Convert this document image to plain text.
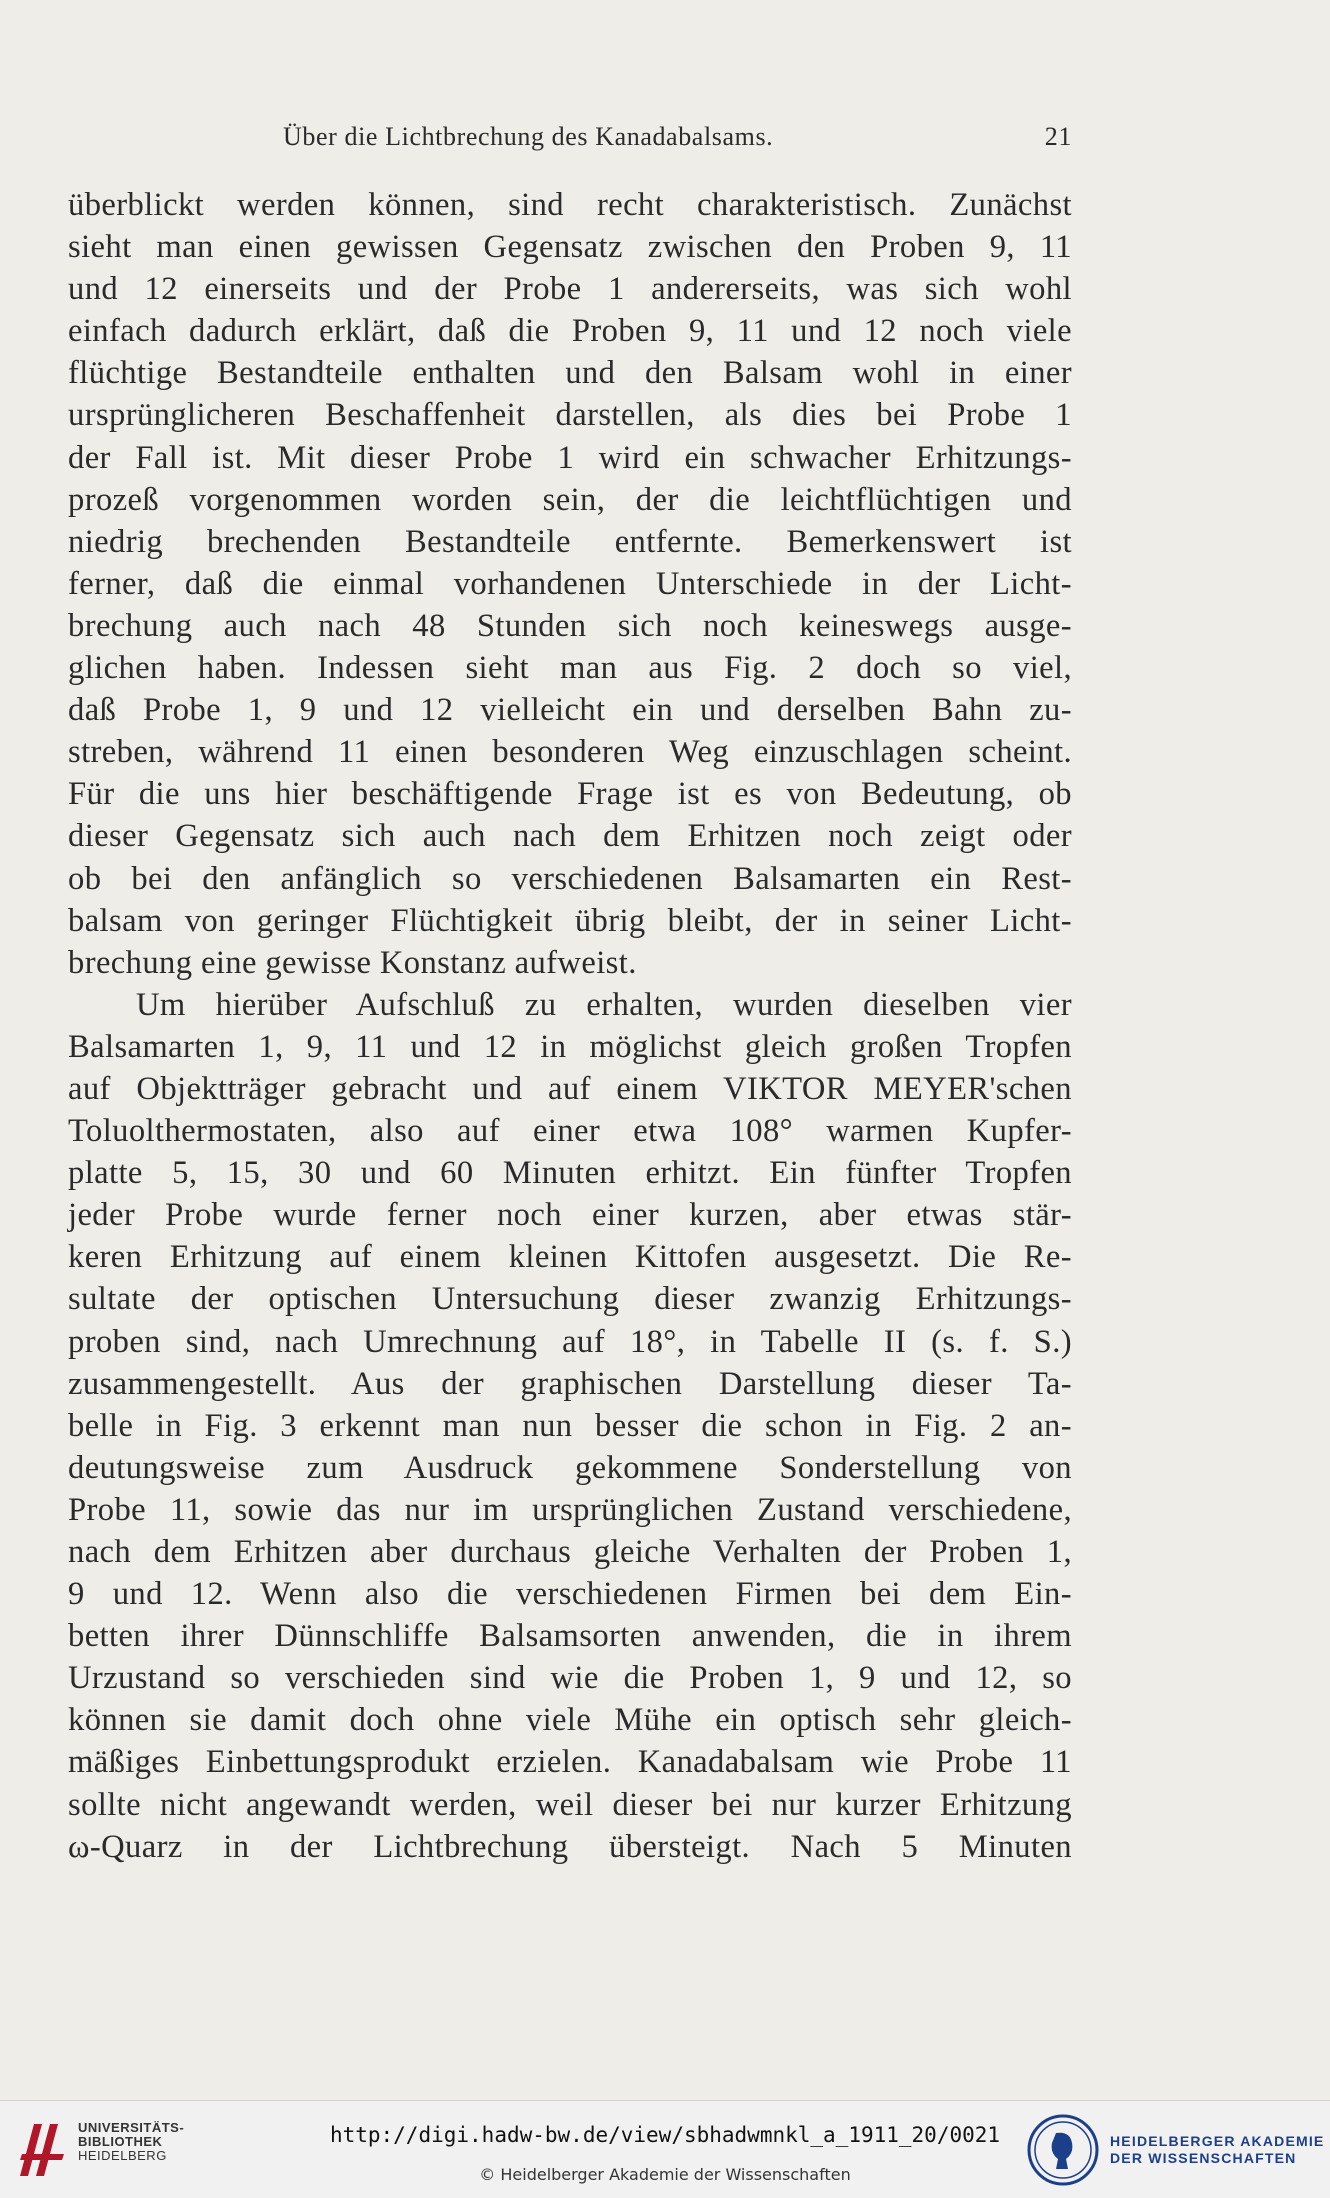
Über die Lichtbrechung des Kanadabalsams.	21
überblickt werden können, sind recht charakteristisch. Zunächst
sieht man einen gewissen Gegensatz zwischen den Proben 9, 11
und 12 einerseits und der Probe 1 andererseits, was sich wohl
einfach dadurch erklärt, daß die Proben 9, 11 und 12 noch viele
flüchtige Bestandteile enthalten und den Balsam wohl in einer
ursprünglicheren Beschaffenheit darstellen, als dies bei Probe 1
der Fall ist. Mit dieser Probe 1 wird ein schwacher Erhitzungs-
prozeß vorgenommen worden sein, der die leichtflüchtigen und
niedrig brechenden Bestandteile entfernte. Bemerkenswert ist
ferner, daß die einmal vorhandenen Unterschiede in der Licht-
brechung auch nach 48 Stunden sich noch keineswegs ausge-
glichen haben. Indessen sieht man aus Fig. 2 doch so viel,
daß Probe 1, 9 und 12 vielleicht ein und derselben Bahn zu-
streben, während 11 einen besonderen Weg einzuschlagen scheint.
Für die uns hier beschäftigende Frage ist es von Bedeutung, ob
dieser Gegensatz sich auch nach dem Erhitzen noch zeigt oder
ob bei den anfänglich so verschiedenen Balsamarten ein Rest-
balsam von geringer Flüchtigkeit übrig bleibt, der in seiner Licht-
brechung eine gewisse Konstanz aufweist.
Um hierüber Aufschluß zu erhalten, wurden dieselben vier
Balsamarten 1, 9, 11 und 12 in möglichst gleich großen Tropfen
auf Objektträger gebracht und auf einem VIKTOR MEYER'schen
Toluolthermostaten, also auf einer etwa 108° warmen Kupfer-
platte 5, 15, 30 und 60 Minuten erhitzt. Ein fünfter Tropfen
jeder Probe wurde ferner noch einer kurzen, aber etwas stär-
keren Erhitzung auf einem kleinen Kittofen ausgesetzt. Die Re-
sultate der optischen Untersuchung dieser zwanzig Erhitzungs-
proben sind, nach Umrechnung auf 18°, in Tabelle II (s. f. S.)
zusammengestellt. Aus der graphischen Darstellung dieser Ta-
belle in Fig. 3 erkennt man nun besser die schon in Fig. 2 an-
deutungsweise zum Ausdruck gekommene Sonderstellung von
Probe 11, sowie das nur im ursprünglichen Zustand verschiedene,
nach dem Erhitzen aber durchaus gleiche Verhalten der Proben 1,
9 und 12. Wenn also die verschiedenen Firmen bei dem Ein-
betten ihrer Dünnschliffe Balsamsorten anwenden, die in ihrem
Urzustand so verschieden sind wie die Proben 1, 9 und 12, so
können sie damit doch ohne viele Mühe ein optisch sehr gleich-
mäßiges Einbettungsprodukt erzielen. Kanadabalsam wie Probe 11
sollte nicht angewandt werden, weil dieser bei nur kurzer Erhitzung
ω-Quarz in der Lichtbrechung übersteigt. Nach 5 Minuten
UNIVERSITÄTS-
BIBLIOTHEK
HEIDELBERG
http://digi.hadw-bw.de/view/sbhadwmnkl_a_1911_20/0021
© Heidelberger Akademie der Wissenschaften
HEIDELBERGER AKADEMIE
DER WISSENSCHAFTEN
